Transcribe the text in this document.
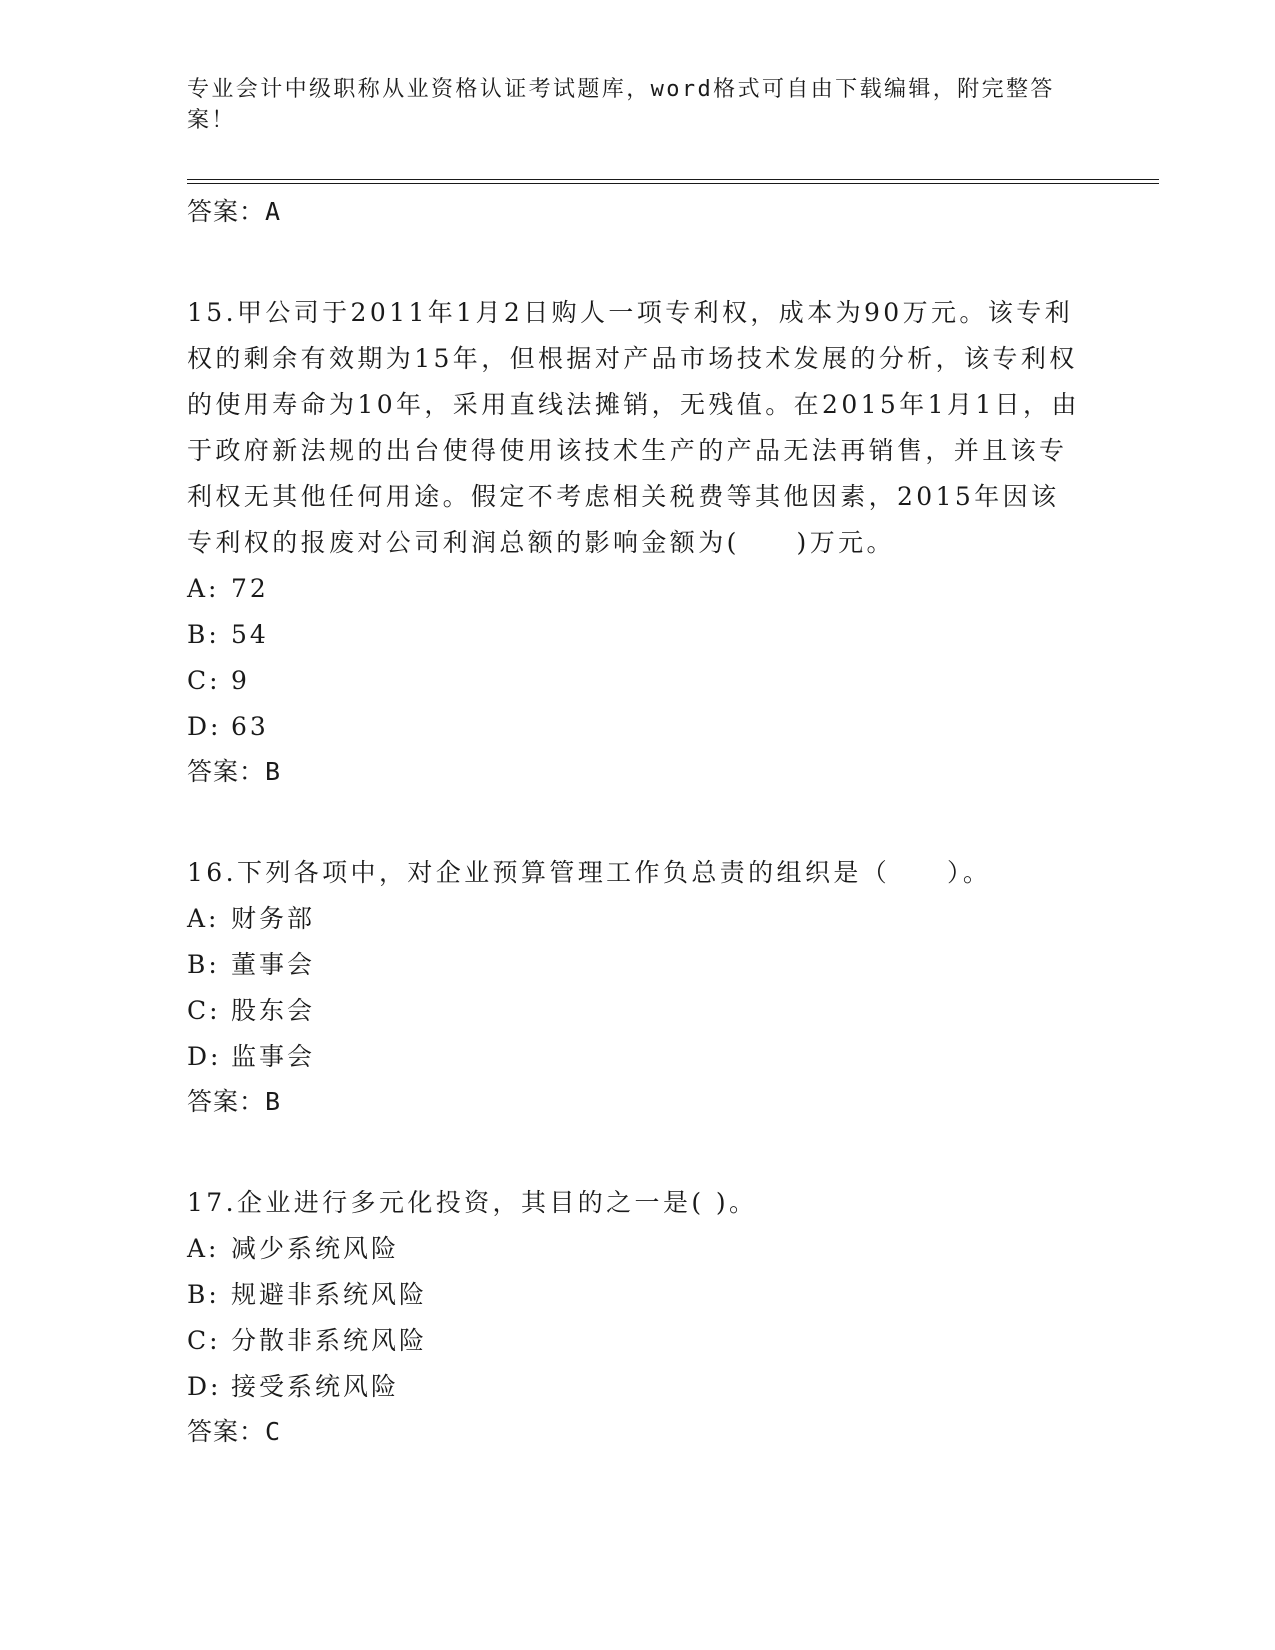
专业会计中级职称从业资格认证考试题库，word格式可自由下载编辑，附完整答案！
答案：A
15.甲公司于2011年1月2日购人一项专利权，成本为90万元。该专利权的剩余有效期为15年，但根据对产品市场技术发展的分析，该专利权的使用寿命为10年，采用直线法摊销，无残值。在2015年1月1日，由于政府新法规的出台使得使用该技术生产的产品无法再销售，并且该专利权无其他任何用途。假定不考虑相关税费等其他因素，2015年因该专利权的报废对公司利润总额的影响金额为(　　)万元。
A: 72
B: 54
C: 9
D: 63
答案：B
16.下列各项中，对企业预算管理工作负总责的组织是（　　）。
A: 财务部
B: 董事会
C: 股东会
D: 监事会
答案：B
17.企业进行多元化投资，其目的之一是( )。
A: 减少系统风险
B: 规避非系统风险
C: 分散非系统风险
D: 接受系统风险
答案：C
